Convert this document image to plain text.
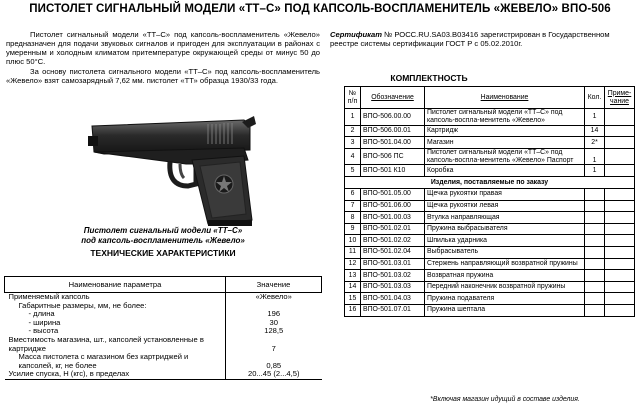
ПИСТОЛЕТ СИГНАЛЬНЫЙ МОДЕЛИ «ТТ–С» ПОД КАПСОЛЬ-ВОСПЛАМЕНИТЕЛЬ «ЖЕВЕЛО» ВПО-506

Пистолет сигнальный модели «ТТ–С» под капсоль-воспламенитель «Жевело» предназначен для подачи звуковых сигналов и пригоден для эксплуатации в районах с умеренным и холодным климатом притемпературе окружающей среды от минус 50 до плюс 50°С.

За основу пистолета сигнального модели «ТТ–С» под капсоль-воспламенитель «Жевело» взят самозарядный 7,62 мм. пистолет «ТТ» образца 1930/33 года.

Пистолет сигнальный модели «ТТ–С»
под капсоль-воспламенитель «Жевело»
ТЕХНИЧЕСКИЕ ХАРАКТЕРИСТИКИ
Наименование параметра	Значение
Применяемый капсоль	«Жевело»
Габаритные размеры, мм, не более:	
- длина	196
- ширина	30
- высота	128,5
Вместимость магазина, шт., капсолей установленные в картридже	7
Масса пистолета с магазином без картриджей и капсолей, кг, не более	0,85
Усилие спуска, Н (кгс), в пределах	20...45 (2...4,5)
Сертификат № РОСС.RU.SA03.B03416 зарегистрирован в Государственном реестре системы сертификации ГОСТ Р с 05.02.2010г.
КОМПЛЕКТНОСТЬ
№ п/п	Обозначение	Наименование	Кол.	Приме-чание
1	ВПО-506.00.00	Пистолет сигнальный модели «ТТ–С» под капсоль-воспла-менитель «Жевело»	1	
2	ВПО-506.00.01	Картридж	14	
3	ВПО-501.04.00	Магазин	2*	
4	ВПО-506 ПС	Пистолет сигнальный модели «ТТ–С» под капсоль-воспла-менитель «Жевело» Паспорт	1	
5	ВПО-501 К10	Коробка	1	
Изделия, поставляемые по заказу				
6	ВПО-501.05.00	Щечка рукоятки правая		
7	ВПО-501.06.00	Щечка рукоятки левая		
8	ВПО-501.00.03	Втулка направляющая		
9	ВПО-501.02.01	Пружина выбрасывателя		
10	ВПО-501.02.02	Шпилька ударника		
11	ВПО-501.02.04	Выбрасыватель		
12	ВПО-501.03.01	Стержень направляющий возвратной пружины		
13	ВПО-501.03.02	Возвратная пружина		
14	ВПО-501.03.03	Передний наконечник возвратной пружины		
15	ВПО-501.04.03	Пружина подавателя		
16	ВПО-501.07.01	Пружина шептала		
*Включая магазин идущий в составе изделия.
